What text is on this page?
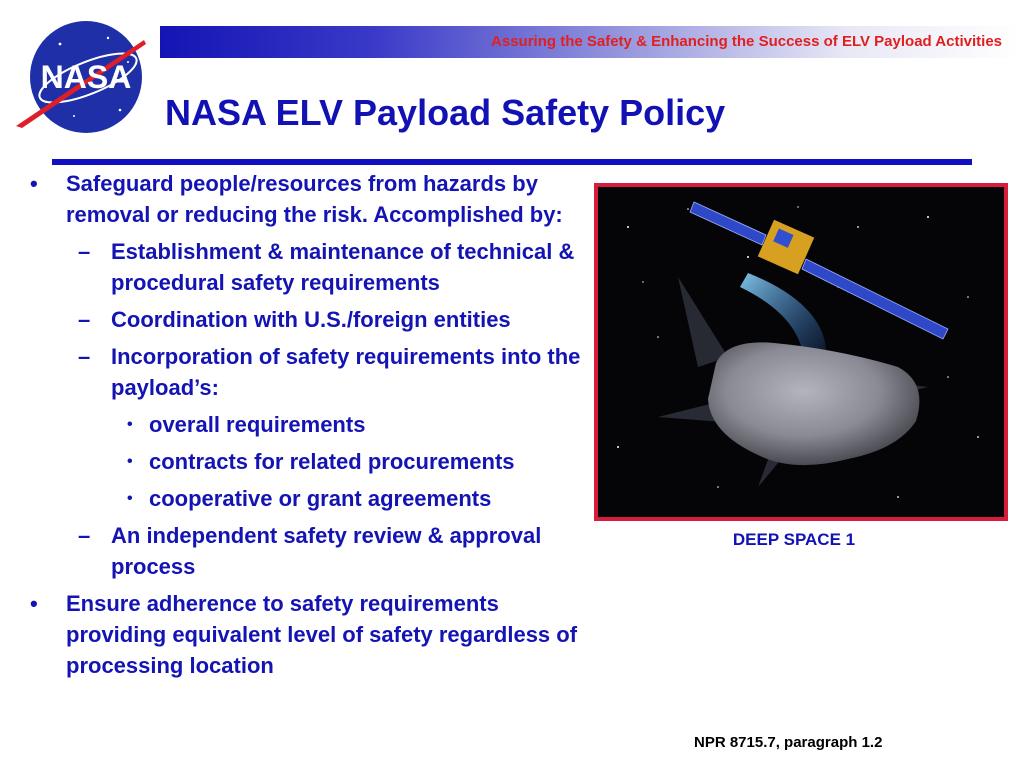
Assuring the Safety & Enhancing the Success of ELV Payload Activities
NASA
NASA ELV Payload Safety Policy
•	Safeguard people/resources from hazards by removal or reducing the risk. Accomplished by:
– Establishment & maintenance of technical & procedural safety requirements
– Coordination with U.S./foreign entities
– Incorporation of safety requirements into the payload’s:
• overall requirements
• contracts for related procurements
• cooperative or grant agreements
– An independent safety review & approval process
•	Ensure adherence to safety requirements providing equivalent level of safety regardless of processing location
DEEP SPACE 1
NPR 8715.7, paragraph 1.2
